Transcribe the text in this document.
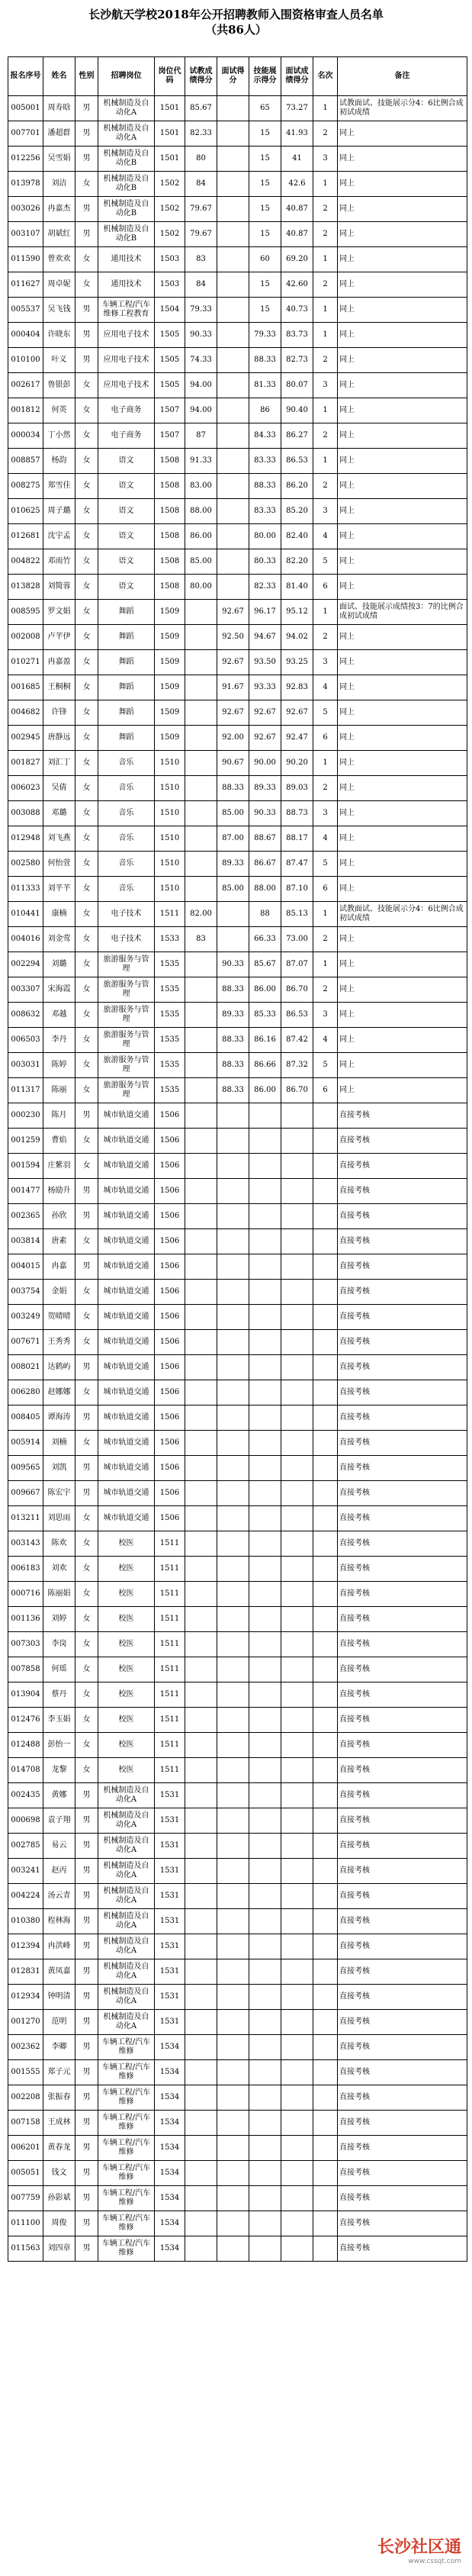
长沙航天学校2018年公开招聘教师入围资格审查人员名单
（共86人）
报名序号	姓名	性别	招聘岗位	岗位代码	试教成绩得分	面试得分	技能展示得分	面试成绩得分	名次	备注
005001	周寿晗	男	机械制造及自动化A	1501	85.67		65	73.27	1	试教面试、技能展示分4：6比例合成初试成绩
007701	潘超群	男	机械制造及自动化A	1501	82.33		15	41.93	2	同上
012256	吴雪娟	男	机械制造及自动化B	1501	80		15	41	3	同上
013978	刘洁	女	机械制造及自动化B	1502	84		15	42.6	1	同上
003026	冉嘉杰	男	机械制造及自动化B	1502	79.67		15	40.87	2	同上
003107	胡斌红	男	机械制造及自动化B	1502	79.67		15	40.87	2	同上
011590	曾欢欢	女	通用技术	1503	83		60	69.20	1	同上
011627	周卓妮	女	通用技术	1503	84		15	42.60	2	同上
005537	吴飞钱	男	车辆工程/汽车维修工程教育	1504	79.33		15	40.73	1	同上
000404	许晓东	男	应用电子技术	1505	90.33		79.33	83.73	1	同上
010100	叶义	男	应用电子技术	1505	74.33		88.33	82.73	2	同上
002617	鲁银彭	女	应用电子技术	1505	94.00		81.33	80.07	3	同上
001812	何英	女	电子商务	1507	94.00		86	90.40	1	同上
000034	丁小然	女	电子商务	1507	87		84.33	86.27	2	同上
008857	杨韵	女	语文	1508	91.33		83.33	86.53	1	同上
008275	郑雪佳	女	语文	1508	83.00		88.33	86.20	2	同上
010625	周子璐	女	语文	1508	88.00		83.33	85.20	3	同上
012681	沈宇孟	女	语文	1508	86.00		80.00	82.40	4	同上
004822	邓雨竹	女	语文	1508	85.00		80.33	82.20	5	同上
013828	刘简蓉	女	语文	1508	80.00		82.33	81.40	6	同上
008595	罗文娟	女	舞蹈	1509		92.67	96.17	95.12	1	面试、技能展示成绩按3：7的比例合成初试成绩
002008	卢芊伊	女	舞蹈	1509		92.50	94.67	94.02	2	同上
010271	冉嘉盈	女	舞蹈	1509		92.67	93.50	93.25	3	同上
001685	王桐桐	女	舞蹈	1509		91.67	93.33	92.83	4	同上
004682	许锋	女	舞蹈	1509		92.67	92.67	92.67	5	同上
002945	唐静远	女	舞蹈	1509		92.00	92.67	92.47	6	同上
001827	刘汇丁	女	音乐	1510		90.67	90.00	90.20	1	同上
006023	吴倩	女	音乐	1510		88.33	89.33	89.03	2	同上
003088	邓璐	女	音乐	1510		85.00	90.33	88.73	3	同上
012948	刘飞燕	女	音乐	1510		87.00	88.67	88.17	4	同上
002580	何怡萱	女	音乐	1510		89.33	86.67	87.47	5	同上
011333	刘芊芊	女	音乐	1510		85.00	88.00	87.10	6	同上
010441	康楠	女	电子技术	1511	82.00		88	85.13	1	试教面试、技能展示分4：6比例合成初试成绩
004016	刘金莺	女	电子技术	1533	83		66.33	73.00	2	同上
002294	刘璐	女	旅游服务与管理	1535		90.33	85.67	87.07	1	同上
003307	宋海霞	女	旅游服务与管理	1535		88.33	86.00	86.70	2	同上
008632	邓越	女	旅游服务与管理	1535		89.33	85.33	86.53	3	同上
006503	李丹	女	旅游服务与管理	1535		88.33	86.16	87.42	4	同上
003031	陈婷	女	旅游服务与管理	1535		88.33	86.66	87.32	5	同上
011317	陈丽	女	旅游服务与管理	1535		88.33	86.00	86.70	6	同上
000230	陈月	男	城市轨道交通	1506						直接考核
001259	曹焰	女	城市轨道交通	1506						直接考核
001594	庄紫羽	女	城市轨道交通	1506						直接考核
001477	杨励升	男	城市轨道交通	1506						直接考核
002365	孙欣	男	城市轨道交通	1506						直接考核
003814	唐素	女	城市轨道交通	1506						直接考核
004015	冉嘉	男	城市轨道交通	1506						直接考核
003754	金娟	女	城市轨道交通	1506						直接考核
003249	贺晴晴	女	城市轨道交通	1506						直接考核
007671	王秀秀	女	城市轨道交通	1506						直接考核
008021	达鹤屿	男	城市轨道交通	1506						直接考核
006280	赵娜娜	女	城市轨道交通	1506						直接考核
008405	谭海涛	男	城市轨道交通	1506						直接考核
005914	刘楠	女	城市轨道交通	1506						直接考核
009565	刘凯	男	城市轨道交通	1506						直接考核
009667	陈宏宇	男	城市轨道交通	1506						直接考核
013211	刘思雨	女	城市轨道交通	1506						直接考核
003143	陈欢	女	校医	1511						直接考核
006183	刘欢	女	校医	1511						直接考核
000716	陈丽娟	女	校医	1511						直接考核
001136	刘婷	女	校医	1511						直接考核
007303	李岗	女	校医	1511						直接考核
007858	何瑶	女	校医	1511						直接考核
013904	蔡丹	女	校医	1511						直接考核
012476	李玉娟	女	校医	1511						直接考核
012488	彭怡一	女	校医	1511						直接考核
014708	龙黎	女	校医	1511						直接考核
002435	黄娜	男	机械制造及自动化A	1531						直接考核
000698	袁子翔	男	机械制造及自动化A	1531						直接考核
002785	易云	男	机械制造及自动化A	1531						直接考核
003241	赵丙	男	机械制造及自动化A	1531						直接考核
004224	汤云青	男	机械制造及自动化A	1531						直接考核
010380	程林海	男	机械制造及自动化A	1531						直接考核
012394	冉洪峰	男	机械制造及自动化A	1531						直接考核
012831	黄凤嘉	男	机械制造及自动化A	1531						直接考核
012934	钟明清	男	机械制造及自动化A	1531						直接考核
001270	范明	男	机械制造及自动化A	1531						直接考核
002362	李卿	男	车辆工程/汽车维修	1534						直接考核
001555	郑子元	男	车辆工程/汽车维修	1534						直接考核
002208	张振春	男	车辆工程/汽车维修	1534						直接考核
007158	王成林	男	车辆工程/汽车维修	1534						直接考核
006201	黄春龙	男	车辆工程/汽车维修	1534						直接考核
005051	钱文	男	车辆工程/汽车维修	1534						直接考核
007759	孙影斌	男	车辆工程/汽车维修	1534						直接考核
011100	周俊	男	车辆工程/汽车维修	1534						直接考核
011563	刘四章	男	车辆工程/汽车维修	1534						直接考核
长沙社区通
www.cssqt.com
